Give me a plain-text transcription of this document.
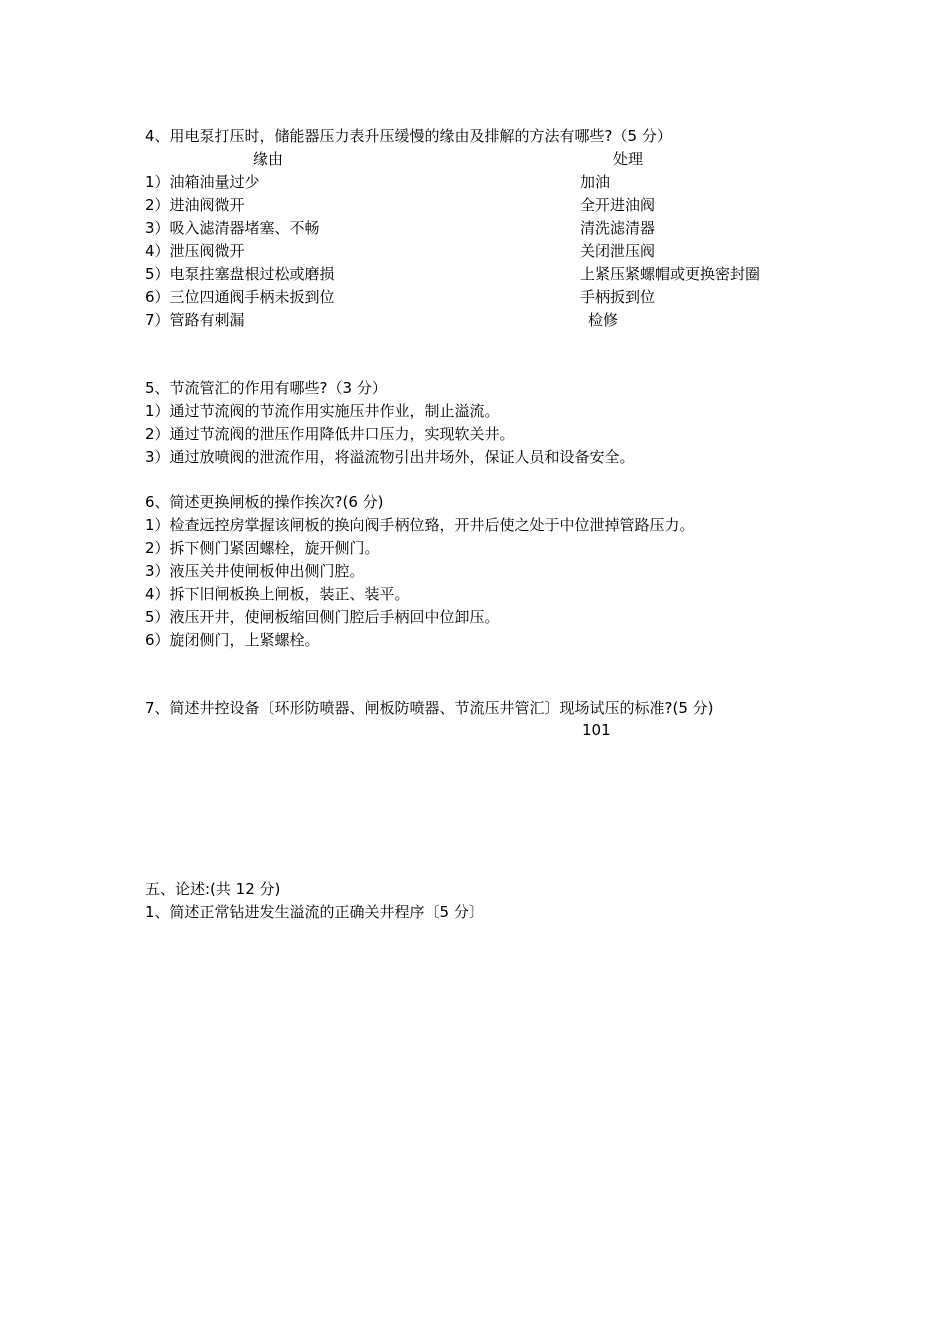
4、用电泵打压时，储能器压力表升压缓慢的缘由及排解的方法有哪些?（5 分）
缘由	处理
1）油箱油量过少	加油
2）进油阀微开	全开进油阀
3）吸入滤清器堵塞、不畅	清洗滤清器
4）泄压阀微开	关闭泄压阀
5）电泵拄塞盘根过松或磨损	上紧压紧螺帽或更换密封圈
6）三位四通阀手柄未扳到位	手柄扳到位
7）管路有刺漏	检修
5、节流管汇的作用有哪些?（3 分）
1）通过节流阀的节流作用实施压井作业，制止溢流。
2）通过节流阀的泄压作用降低井口压力，实现软关井。
3）通过放喷阀的泄流作用，将溢流物引出井场外，保证人员和设备安全。
6、简述更换闸板的操作挨次?(6 分)
1）检查远控房掌握该闸板的换向阀手柄位臵，开井后使之处于中位泄掉管路压力。
2）拆下侧门紧固螺栓，旋开侧门。
3）液压关井使闸板伸出侧门腔。
4）拆下旧闸板换上闸板，装正、装平。
5）液压开井，使闸板缩回侧门腔后手柄回中位卸压。
6）旋闭侧门，上紧螺栓。
7、简述井控设备〔环形防喷器、闸板防喷器、节流压井管汇〕现场试压的标准?(5 分)
101
五、论述:(共 12 分)
1、简述正常钻进发生溢流的正确关井程序〔5 分〕
